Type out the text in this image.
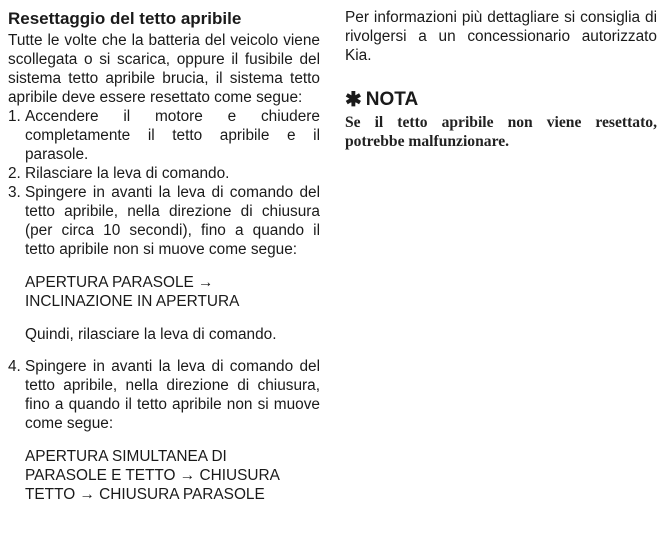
Resettaggio del tetto apribile

Tutte le volte che la batteria del veicolo viene scollegata o si scarica, oppure il fusibile del sistema tetto apribile brucia, il sistema tetto apribile deve essere resettato come segue:

1. Accendere il motore e chiudere completamente il tetto apribile e il parasole.
2. Rilasciare la leva di comando.
3. Spingere in avanti la leva di comando del tetto apribile, nella direzione di chiusura (per circa 10 secondi), fino a quando il tetto apribile non si muove come segue:
APERTURA PARASOLE →
INCLINAZIONE IN APERTURA
Quindi, rilasciare la leva di comando.
4. Spingere in avanti la leva di comando del tetto apribile, nella direzione di chiusura, fino a quando il tetto apribile non si muove come segue:
APERTURA SIMULTANEA DI
PARASOLE E TETTO → CHIUSURA
TETTO → CHIUSURA PARASOLE

Per informazioni più dettagliare si consiglia di rivolgersi a un concessionario autorizzato Kia.

✱ NOTA

Se il tetto apribile non viene resettato, potrebbe malfunzionare.
